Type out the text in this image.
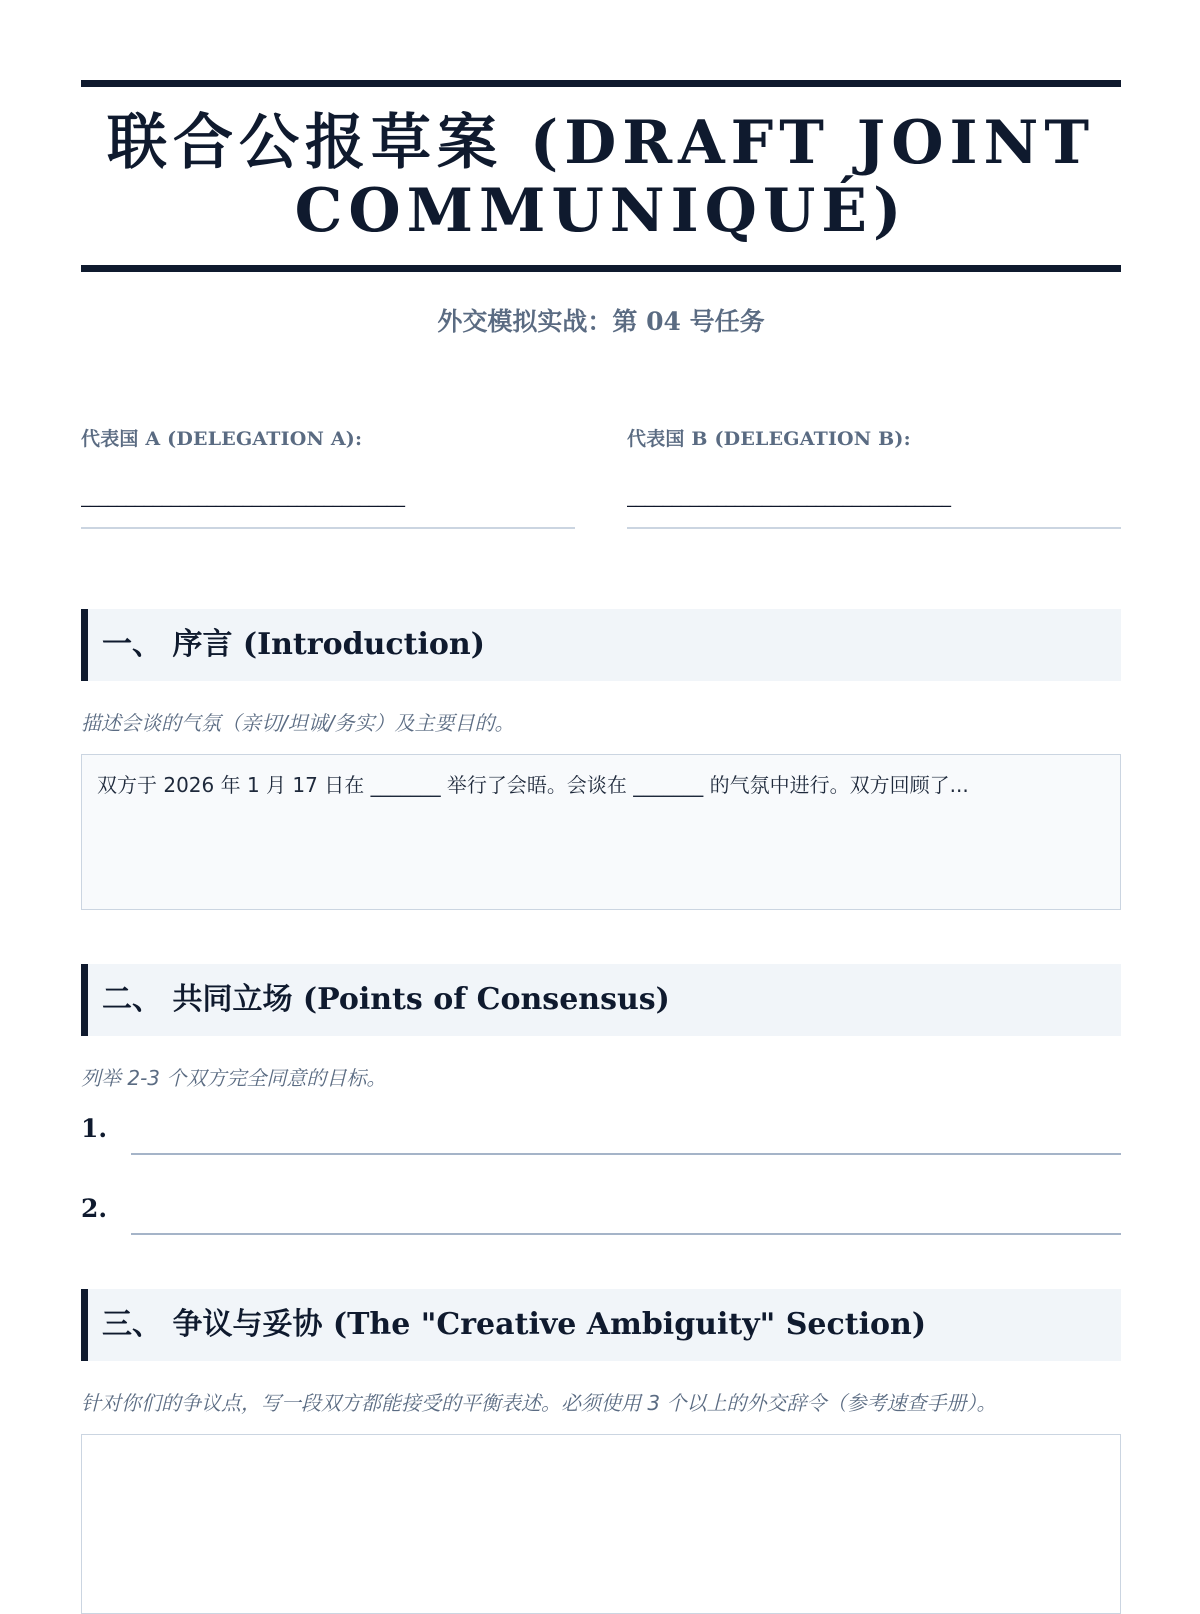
联合公报草案 (DRAFT JOINT COMMUNIQUÉ)
外交模拟实战：第 04 号任务
代表国 A (DELEGATION A):
____________________________________
代表国 B (DELEGATION B):
____________________________________
一、 序言 (Introduction)
描述会谈的气氛（亲切/坦诚/务实）及主要目的。
双方于 2026 年 1 月 17 日在 _______ 举行了会晤。会谈在 _______ 的气氛中进行。双方回顾了...
二、 共同立场 (Points of Consensus)
列举 2-3 个双方完全同意的目标。
1.
2.
三、 争议与妥协 (The "Creative Ambiguity" Section)
针对你们的争议点，写一段双方都能接受的平衡表述。必须使用 3 个以上的外交辞令（参考速查手册）。
